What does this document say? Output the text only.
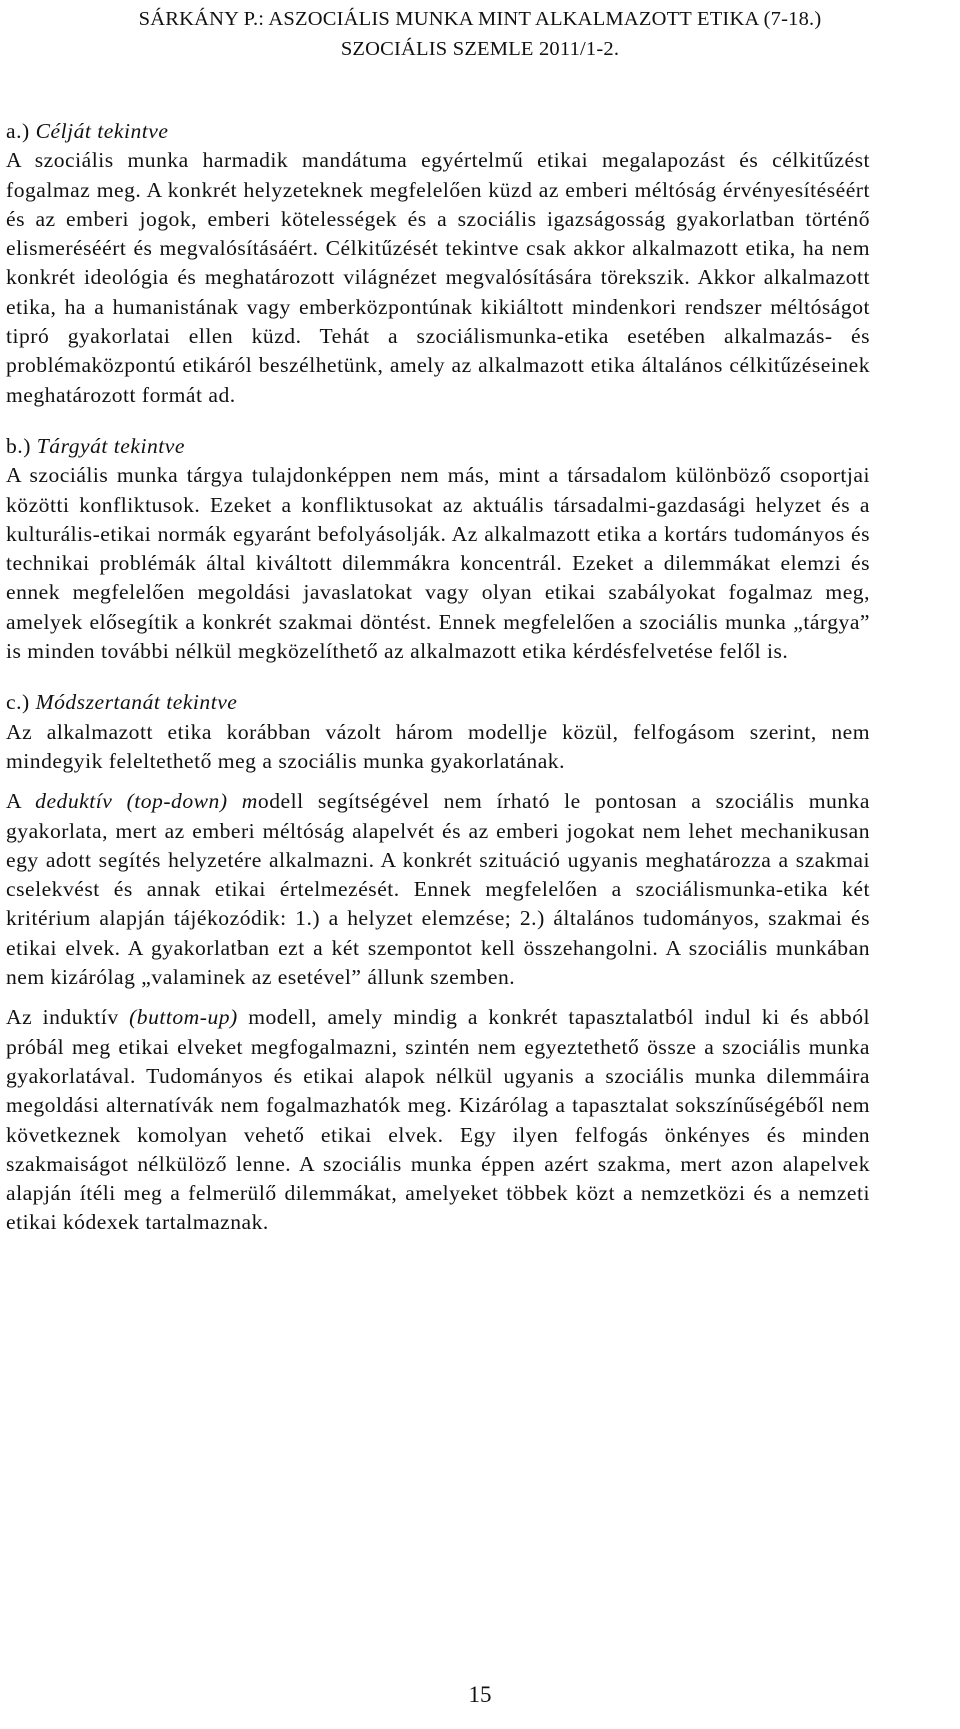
SÁRKÁNY P.: ASZOCIÁLIS MUNKA MINT ALKALMAZOTT ETIKA (7-18.)
SZOCIÁLIS SZEMLE 2011/1-2.
a.) Célját tekintve

A szociális munka harmadik mandátuma egyértelmű etikai megalapozást és célkitűzést fogalmaz meg. A konkrét helyzeteknek megfelelően küzd az emberi méltóság érvényesítéséért és az emberi jogok, emberi kötelességek és a szociális igazságosság gyakorlatban történő elismeréséért és megvalósításáért. Célkitűzését tekintve csak akkor alkalmazott etika, ha nem konkrét ideológia és meghatározott világnézet megvalósítására törekszik. Akkor alkalmazott etika, ha a humanistának vagy emberközpontúnak kikiáltott mindenkori rendszer méltóságot tipró gyakorlatai ellen küzd. Tehát a szociálismunka-etika esetében alkalmazás- és problémaközpontú etikáról beszélhetünk, amely az alkalmazott etika általános célkitűzéseinek meghatározott formát ad.

b.) Tárgyát tekintve

A szociális munka tárgya tulajdonképpen nem más, mint a társadalom különböző csoportjai közötti konfliktusok. Ezeket a konfliktusokat az aktuális társadalmi-gazdasági helyzet és a kulturális-etikai normák egyaránt befolyásolják. Az alkalmazott etika a kortárs tudományos és technikai problémák által kiváltott dilemmákra koncentrál. Ezeket a dilemmákat elemzi és ennek megfelelően megoldási javaslatokat vagy olyan etikai szabályokat fogalmaz meg, amelyek elősegítik a konkrét szakmai döntést. Ennek megfelelően a szociális munka „tárgya” is minden további nélkül megközelíthető az alkalmazott etika kérdésfelvetése felől is.

c.) Módszertanát tekintve

Az alkalmazott etika korábban vázolt három modellje közül, felfogásom szerint, nem mindegyik feleltethető meg a szociális munka gyakorlatának.

A deduktív (top-down) modell segítségével nem írható le pontosan a szociális munka gyakorlata, mert az emberi méltóság alapelvét és az emberi jogokat nem lehet mechanikusan egy adott segítés helyzetére alkalmazni. A konkrét szituáció ugyanis meghatározza a szakmai cselekvést és annak etikai értelmezését. Ennek megfelelően a szociálismunka-etika két kritérium alapján tájékozódik: 1.) a helyzet elemzése; 2.) általános tudományos, szakmai és etikai elvek. A gyakorlatban ezt a két szempontot kell összehangolni. A szociális munkában nem kizárólag „valaminek az esetével” állunk szemben.

Az induktív (buttom-up) modell, amely mindig a konkrét tapasztalatból indul ki és abból próbál meg etikai elveket megfogalmazni, szintén nem egyeztethető össze a szociális munka gyakorlatával. Tudományos és etikai alapok nélkül ugyanis a szociális munka dilemmáira megoldási alternatívák nem fogalmazhatók meg. Kizárólag a tapasztalat sokszínűségéből nem következnek komolyan vehető etikai elvek. Egy ilyen felfogás önkényes és minden szakmaiságot nélkülöző lenne. A szociális munka éppen azért szakma, mert azon alapelvek alapján ítéli meg a felmerülő dilemmákat, amelyeket többek közt a nemzetközi és a nemzeti etikai kódexek tartalmaznak.

15
